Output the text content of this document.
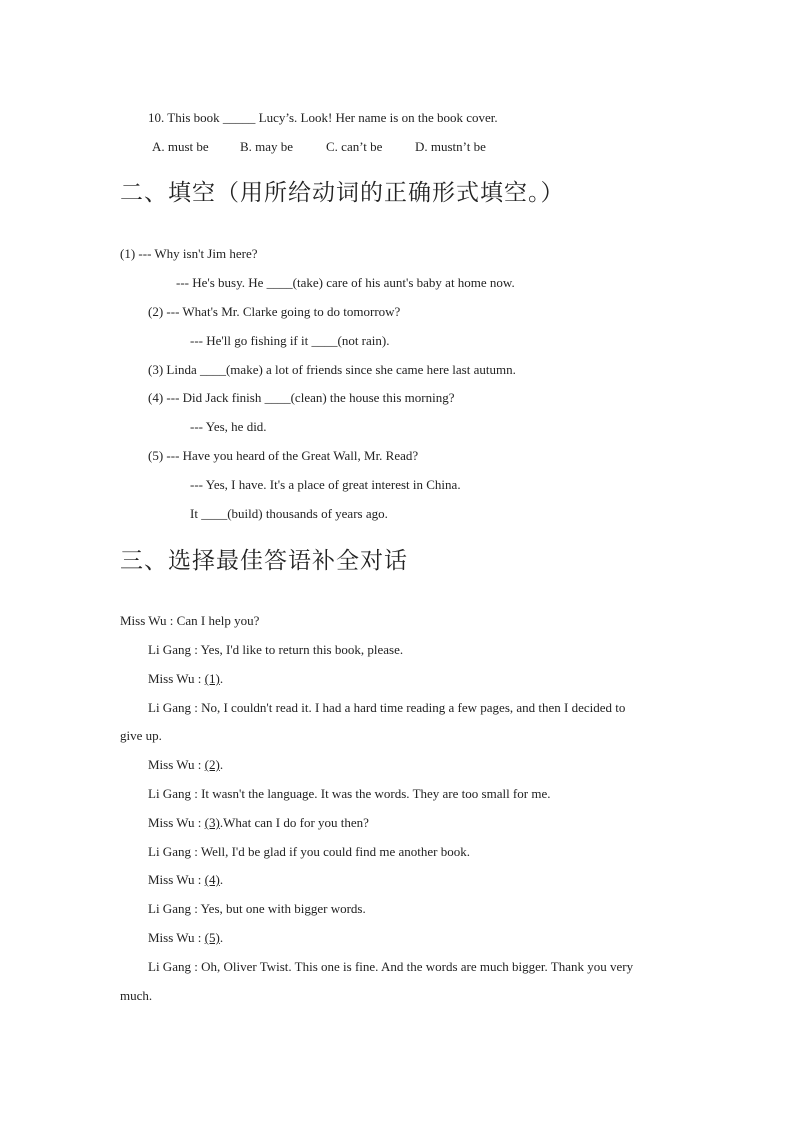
10. This book _____ Lucy’s. Look! Her name is on the book cover.
A. must be B. may be	C. can’t be	D. mustn’t be
二、填空（用所给动词的正确形式填空。）
(1) --- Why isn't Jim here?
--- He's busy. He ____(take) care of his aunt's baby at home now.
(2) --- What's Mr. Clarke going to do tomorrow?
--- He'll go fishing if it ____(not rain).
(3) Linda ____(make) a lot of friends since she came here last autumn.
(4) --- Did Jack finish ____(clean) the house this morning?
--- Yes, he did.
(5) --- Have you heard of the Great Wall, Mr. Read?
--- Yes, I have. It's a place of great interest in China.
It ____(build) thousands of years ago.
三、选择最佳答语补全对话
Miss Wu : Can I help you?
Li Gang : Yes, I'd like to return this book, please.
Miss Wu : (1).
Li Gang : No, I couldn't read it. I had a hard time reading a few pages, and then I decided to
give up.
Miss Wu : (2).
Li Gang : It wasn't the language. It was the words. They are too small for me.
Miss Wu : (3).What can I do for you then?
Li Gang : Well, I'd be glad if you could find me another book.
Miss Wu : (4).
Li Gang : Yes, but one with bigger words.
Miss Wu : (5).
Li Gang : Oh, Oliver Twist. This one is fine. And the words are much bigger. Thank you very
much.
